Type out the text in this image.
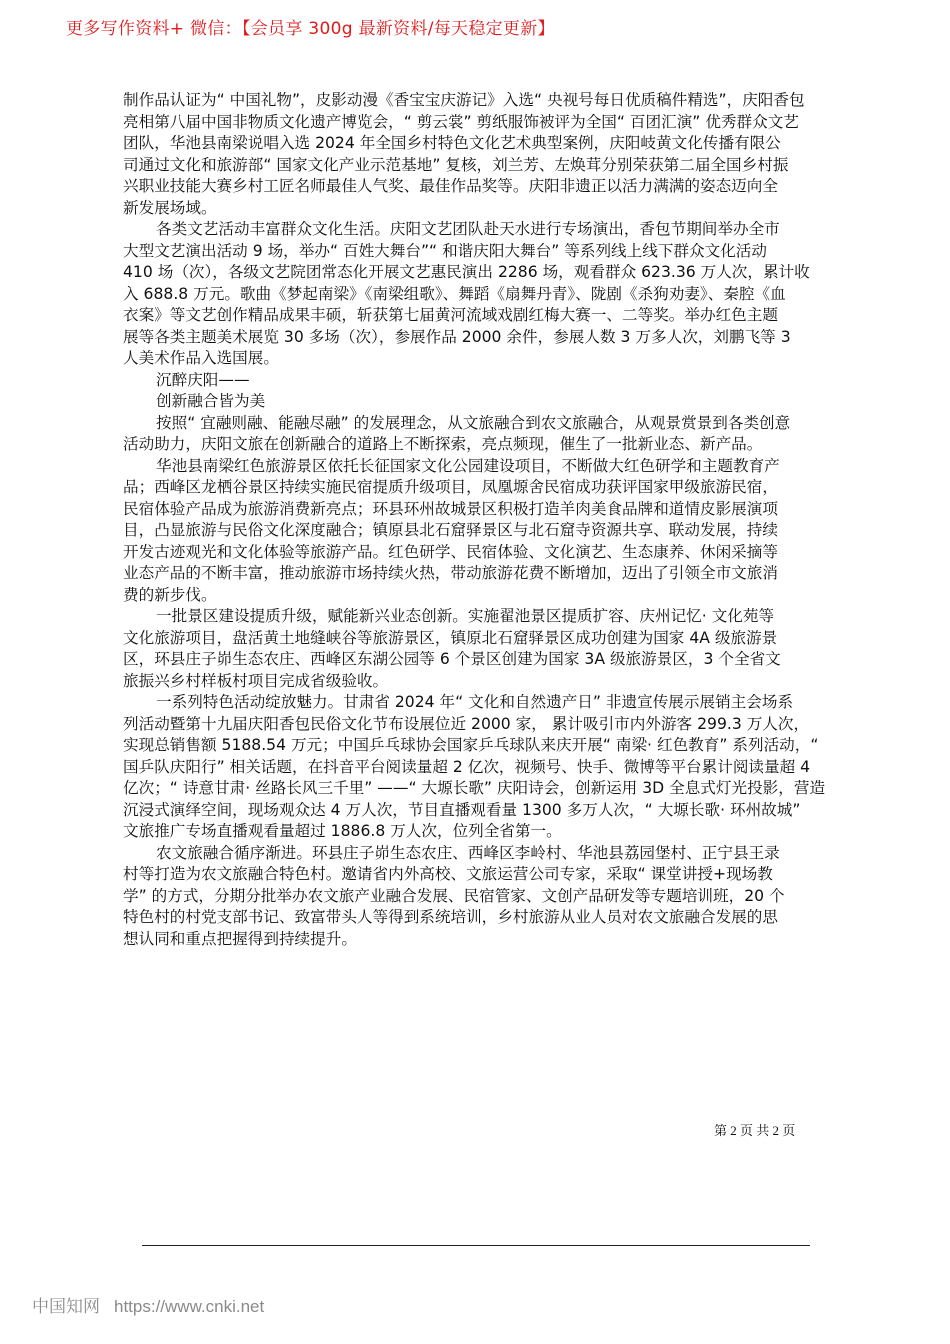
更多写作资料+ 微信：【会员享 300g 最新资料/每天稳定更新】
制作品认证为“ 中国礼物”，皮影动漫《香宝宝庆游记》入选“ 央视号每日优质稿件精选”，庆阳香包
亮相第八届中国非物质文化遗产博览会，“ 剪云裳” 剪纸服饰被评为全国“ 百团汇演” 优秀群众文艺
团队，华池县南梁说唱入选 2024 年全国乡村特色文化艺术典型案例，庆阳岐黄文化传播有限公
司通过文化和旅游部“ 国家文化产业示范基地” 复核，刘兰芳、左焕茸分别荣获第二届全国乡村振
兴职业技能大赛乡村工匠名师最佳人气奖、最佳作品奖等。庆阳非遗正以活力满满的姿态迈向全
新发展场域。
各类文艺活动丰富群众文化生活。庆阳文艺团队赴天水进行专场演出，香包节期间举办全市
大型文艺演出活动 9 场，举办“ 百姓大舞台”“ 和谐庆阳大舞台” 等系列线上线下群众文化活动
410 场（次），各级文艺院团常态化开展文艺惠民演出 2286 场，观看群众 623.36 万人次，累计收
入 688.8 万元。歌曲《梦起南梁》《南梁组歌》、舞蹈《扇舞丹青》、陇剧《杀狗劝妻》、秦腔《血
衣案》等文艺创作精品成果丰硕，斩获第七届黄河流域戏剧红梅大赛一、二等奖。举办红色主题
展等各类主题美术展览 30 多场（次），参展作品 2000 余件，参展人数 3 万多人次，刘鹏飞等 3
人美术作品入选国展。
沉醉庆阳——
创新融合皆为美
按照“ 宜融则融、能融尽融” 的发展理念，从文旅融合到农文旅融合，从观景赏景到各类创意
活动助力，庆阳文旅在创新融合的道路上不断探索，亮点频现，催生了一批新业态、新产品。
华池县南梁红色旅游景区依托长征国家文化公园建设项目，不断做大红色研学和主题教育产
品；西峰区龙栖谷景区持续实施民宿提质升级项目，凤凰塬舍民宿成功获评国家甲级旅游民宿，
民宿体验产品成为旅游消费新亮点；环县环州故城景区积极打造羊肉美食品牌和道情皮影展演项
目，凸显旅游与民俗文化深度融合；镇原县北石窟驿景区与北石窟寺资源共享、联动发展，持续
开发古迹观光和文化体验等旅游产品。红色研学、民宿体验、文化演艺、生态康养、休闲采摘等
业态产品的不断丰富，推动旅游市场持续火热，带动旅游花费不断增加，迈出了引领全市文旅消
费的新步伐。
一批景区建设提质升级，赋能新兴业态创新。实施翟池景区提质扩容、庆州记忆· 文化苑等
文化旅游项目，盘活黄土地缝峡谷等旅游景区，镇原北石窟驿景区成功创建为国家 4A 级旅游景
区，环县庄子峁生态农庄、西峰区东湖公园等 6 个景区创建为国家 3A 级旅游景区，3 个全省文
旅振兴乡村样板村项目完成省级验收。
一系列特色活动绽放魅力。甘肃省 2024 年“ 文化和自然遗产日” 非遗宣传展示展销主会场系
列活动暨第十九届庆阳香包民俗文化节布设展位近 2000 家， 累计吸引市内外游客 299.3 万人次，
实现总销售额 5188.54 万元；中国乒乓球协会国家乒乓球队来庆开展“ 南梁· 红色教育” 系列活动，“
国乒队庆阳行” 相关话题，在抖音平台阅读量超 2 亿次，视频号、快手、微博等平台累计阅读量超 4
亿次；“ 诗意甘肃· 丝路长风三千里” ——“ 大塬长歌” 庆阳诗会，创新运用 3D 全息式灯光投影，营造
沉浸式演绎空间，现场观众达 4 万人次，节目直播观看量 1300 多万人次，“ 大塬长歌· 环州故城”
文旅推广专场直播观看量超过 1886.8 万人次，位列全省第一。
农文旅融合循序渐进。环县庄子峁生态农庄、西峰区李岭村、华池县荔园堡村、正宁县王录
村等打造为农文旅融合特色村。邀请省内外高校、文旅运营公司专家，采取“ 课堂讲授+现场教
学” 的方式，分期分批举办农文旅产业融合发展、民宿管家、文创产品研发等专题培训班，20 个
特色村的村党支部书记、致富带头人等得到系统培训，乡村旅游从业人员对农文旅融合发展的思
想认同和重点把握得到持续提升。
第 2 页 共 2 页
中国知网 https://www.cnki.net
